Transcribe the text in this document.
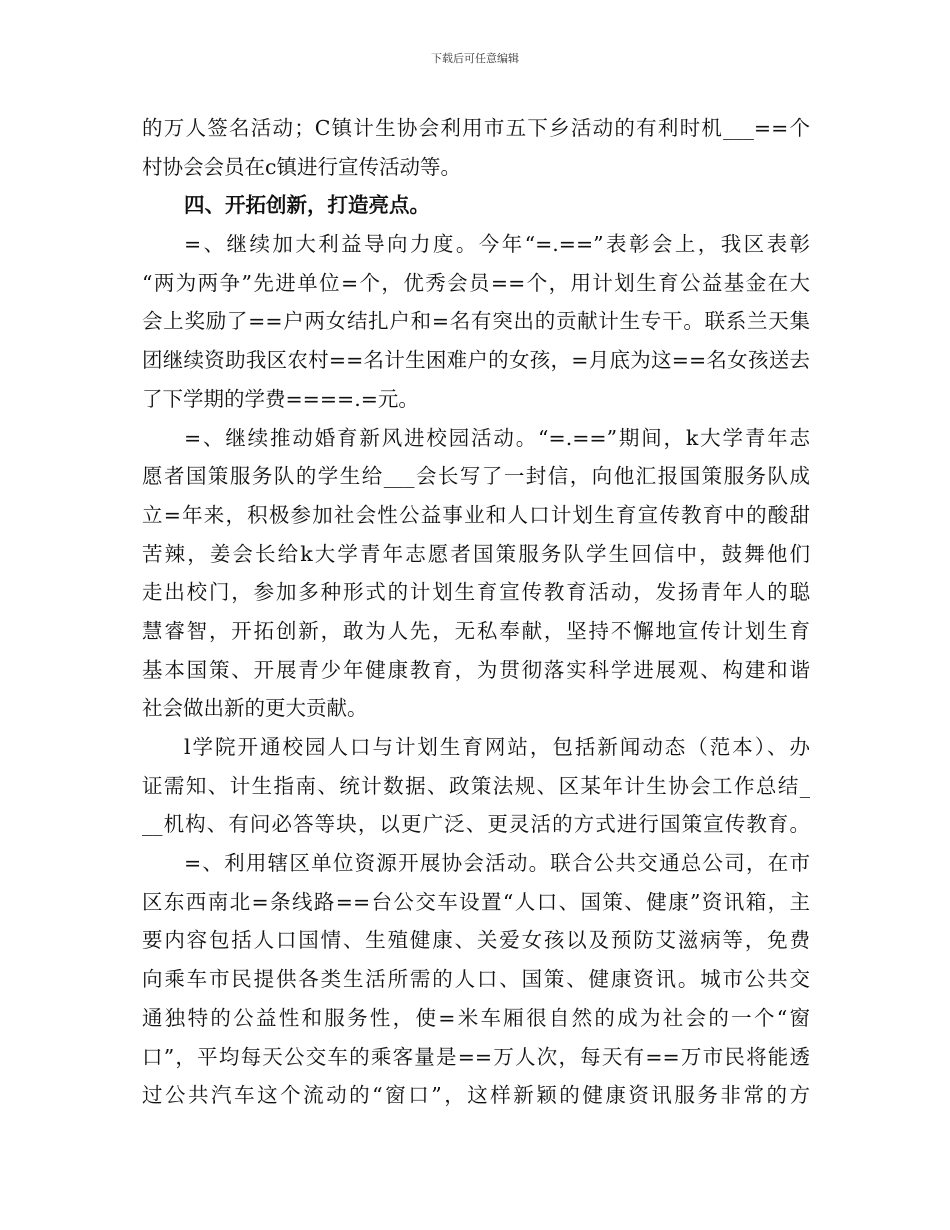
下载后可任意编辑
的万人签名活动；C镇计生协会利用市五下乡活动的有利时机___==个
村协会会员在c镇进行宣传活动等。
四、开拓创新，打造亮点。
=、继续加大利益导向力度。今年“=.==”表彰会上，我区表彰
“两为两争”先进单位=个，优秀会员==个，用计划生育公益基金在大
会上奖励了==户两女结扎户和=名有突出的贡献计生专干。联系兰天集
团继续资助我区农村==名计生困难户的女孩，=月底为这==名女孩送去
了下学期的学费====.=元。
=、继续推动婚育新风进校园活动。“=.==”期间，k大学青年志
愿者国策服务队的学生给___会长写了一封信，向他汇报国策服务队成
立=年来，积极参加社会性公益事业和人口计划生育宣传教育中的酸甜
苦辣，姜会长给k大学青年志愿者国策服务队学生回信中，鼓舞他们
走出校门，参加多种形式的计划生育宣传教育活动，发扬青年人的聪
慧睿智，开拓创新，敢为人先，无私奉献，坚持不懈地宣传计划生育
基本国策、开展青少年健康教育，为贯彻落实科学进展观、构建和谐
社会做出新的更大贡献。
l学院开通校园人口与计划生育网站，包括新闻动态（范本）、办
证需知、计生指南、统计数据、政策法规、区某年计生协会工作总结_
__机构、有问必答等块，以更广泛、更灵活的方式进行国策宣传教育。
=、利用辖区单位资源开展协会活动。联合公共交通总公司，在市
区东西南北=条线路==台公交车设置“人口、国策、健康”资讯箱，主
要内容包括人口国情、生殖健康、关爱女孩以及预防艾滋病等，免费
向乘车市民提供各类生活所需的人口、国策、健康资讯。城市公共交
通独特的公益性和服务性，使=米车厢很自然的成为社会的一个“窗
口”，平均每天公交车的乘客量是==万人次，每天有==万市民将能透
过公共汽车这个流动的“窗口”，这样新颖的健康资讯服务非常的方
